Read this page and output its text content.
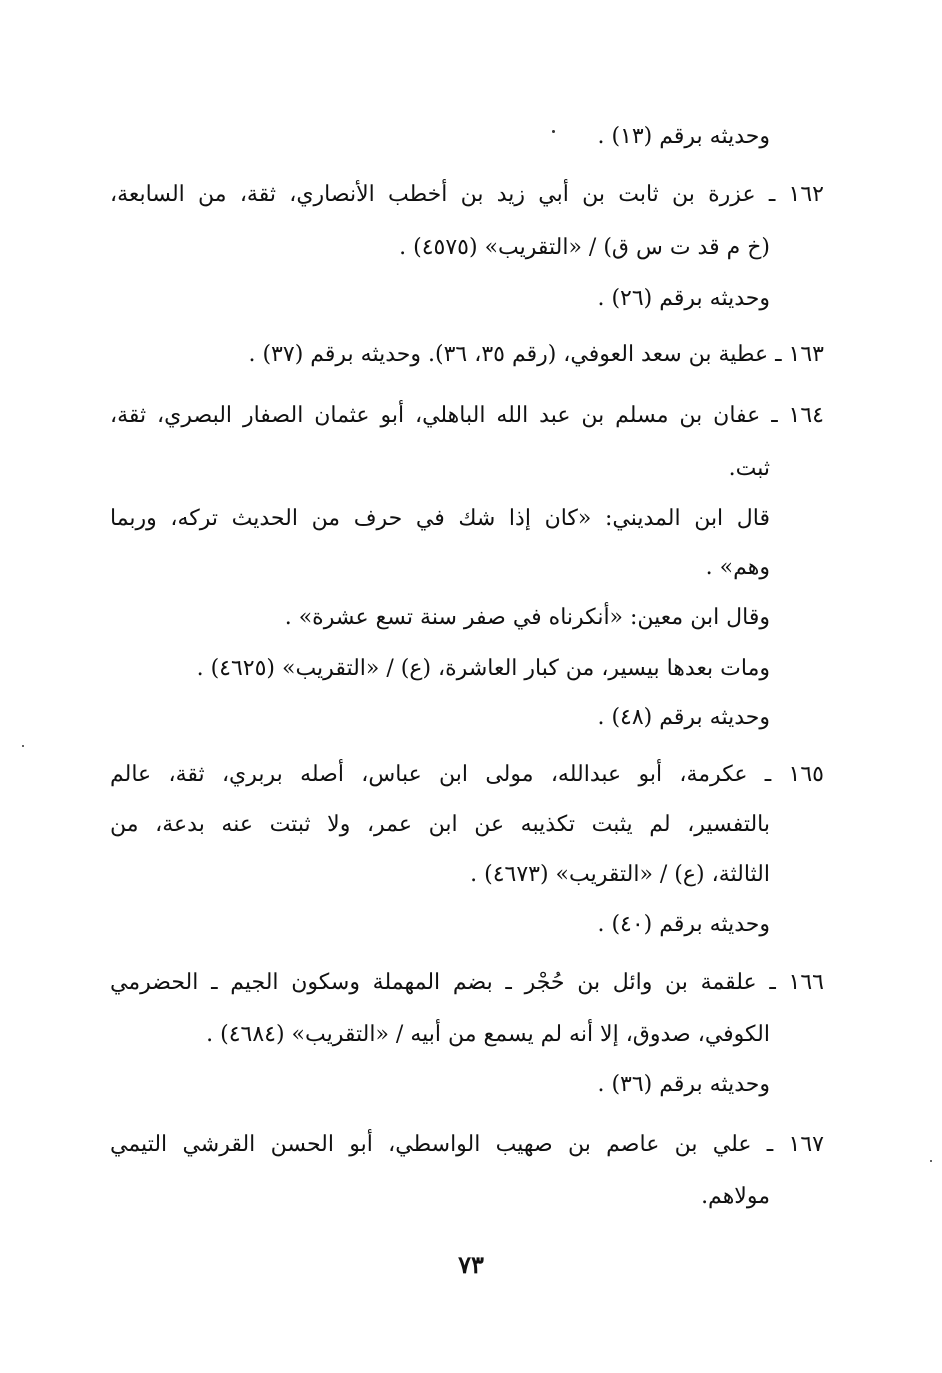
وحديثه برقم (١٣) .
١٦٢ ـ عزرة بن ثابت بن أبي زيد بن أخطب الأنصاري، ثقة، من السابعة،
(خ م قد ت س ق) / «التقريب» (٤٥٧٥) .
وحديثه برقم (٢٦) .
١٦٣ ـ عطية بن سعد العوفي، (رقم ٣٥، ٣٦). وحديثه برقم (٣٧) .
١٦٤ ـ عفان بن مسلم بن عبد الله الباهلي، أبو عثمان الصفار البصري، ثقة،
ثبت.
قال ابن المديني: «كان إذا شك في حرف من الحديث تركه، وربما
وهم» .
وقال ابن معين: «أنكرناه في صفر سنة تسع عشرة» .
ومات بعدها بيسير، من كبار العاشرة، (ع) / «التقريب» (٤٦٢٥) .
وحديثه برقم (٤٨) .
١٦٥ ـ عكرمة، أبو عبدالله، مولى ابن عباس، أصله بربري، ثقة، عالم
بالتفسير، لم يثبت تكذيبه عن ابن عمر، ولا ثبتت عنه بدعة، من
الثالثة، (ع) / «التقريب» (٤٦٧٣) .
وحديثه برقم (٤٠) .
١٦٦ ـ علقمة بن وائل بن حُجْر ـ بضم المهملة وسكون الجيم ـ الحضرمي
الكوفي، صدوق، إلا أنه لم يسمع من أبيه / «التقريب» (٤٦٨٤) .
وحديثه برقم (٣٦) .
١٦٧ ـ علي بن عاصم بن صهيب الواسطي، أبو الحسن القرشي التيمي
مولاهم.
٧٣
